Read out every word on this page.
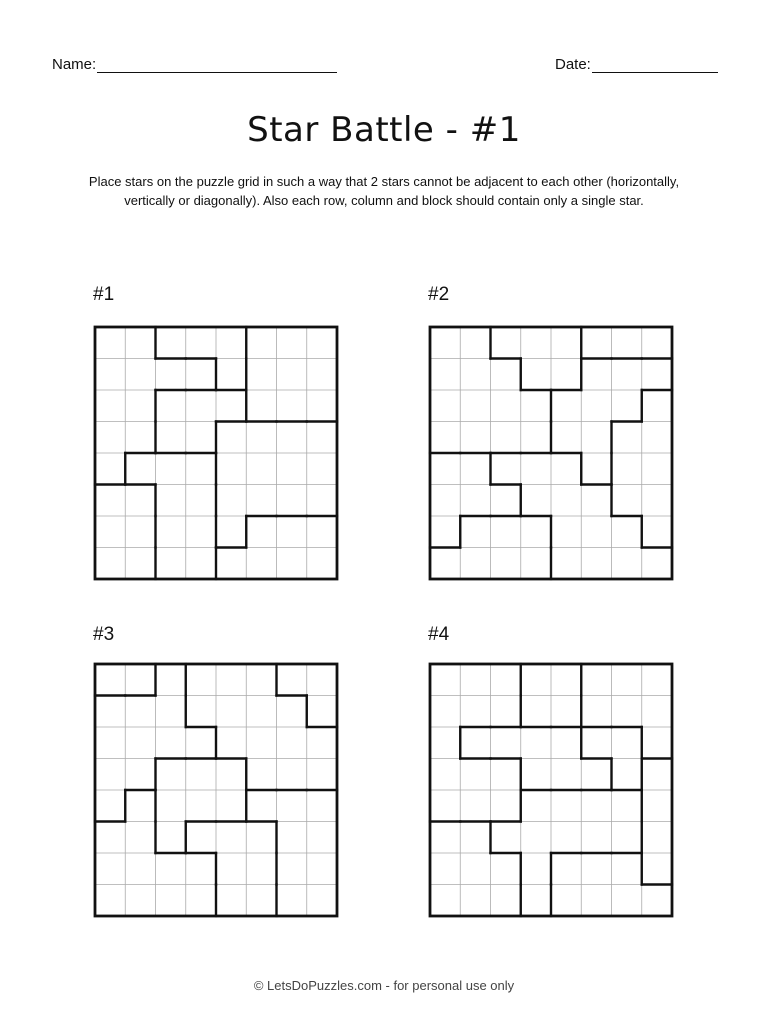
Name:	Date:
Star Battle - #1
Place stars on the puzzle grid in such a way that 2 stars cannot be adjacent to each other (horizontally, vertically or diagonally). Also each row, column and block should contain only a single star.
#1	#2
#3	#4
© LetsDoPuzzles.com - for personal use only
